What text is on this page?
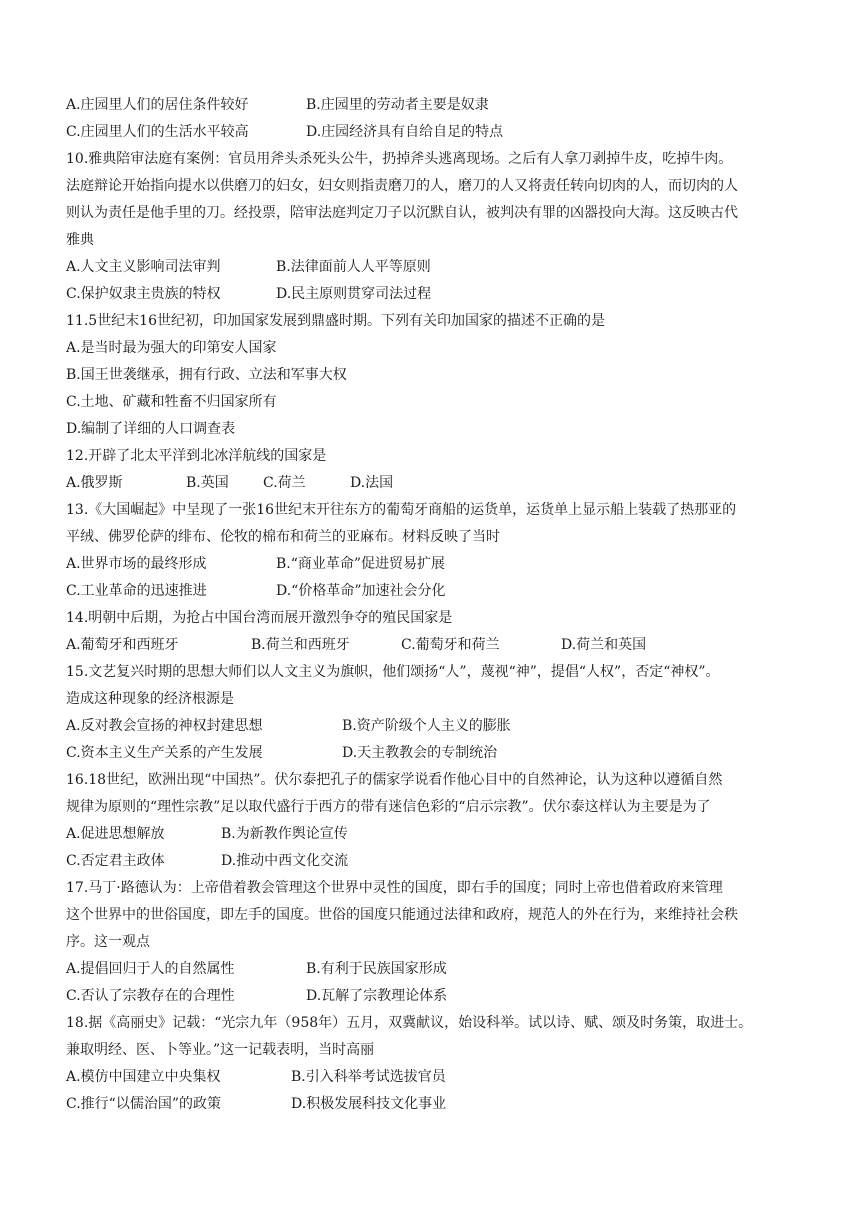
A.庄园里人们的居住条件较好	B.庄园里的劳动者主要是奴隶
C.庄园里人们的生活水平较高	D.庄园经济具有自给自足的特点
10.雅典陪审法庭有案例：官员用斧头杀死头公牛，扔掉斧头逃离现场。之后有人拿刀剥掉牛皮，吃掉牛肉。
法庭辩论开始指向提水以供磨刀的妇女，妇女则指责磨刀的人，磨刀的人又将责任转向切肉的人，而切肉的人
则认为责任是他手里的刀。经投票，陪审法庭判定刀子以沉默自认，被判决有罪的凶器投向大海。这反映古代
雅典
A.人文主义影响司法审判	B.法律面前人人平等原则
C.保护奴隶主贵族的特权	D.民主原则贯穿司法过程
11.5世纪末16世纪初，印加国家发展到鼎盛时期。下列有关印加国家的描述不正确的是
A.是当时最为强大的印第安人国家
B.国王世袭继承，拥有行政、立法和军事大权
C.土地、矿藏和牲畜不归国家所有
D.编制了详细的人口调查表
12.开辟了北太平洋到北冰洋航线的国家是
A.俄罗斯	B.英国	C.荷兰	D.法国
13.《大国崛起》中呈现了一张16世纪末开往东方的葡萄牙商船的运货单，运货单上显示船上装载了热那亚的
平绒、佛罗伦萨的绯布、伦牧的棉布和荷兰的亚麻布。材料反映了当时
A.世界市场的最终形成	B.“商业革命”促进贸易扩展
C.工业革命的迅速推进	D.“价格革命”加速社会分化
14.明朝中后期，为抢占中国台湾而展开激烈争夺的殖民国家是
A.葡萄牙和西班牙	B.荷兰和西班牙	C.葡萄牙和荷兰	D.荷兰和英国
15.文艺复兴时期的思想大师们以人文主义为旗帜，他们颂扬“人”，蔑视“神”，提倡“人权”，否定“神权”。
造成这种现象的经济根源是
A.反对教会宣扬的神权封建思想	B.资产阶级个人主义的膨胀
C.资本主义生产关系的产生发展	D.天主教教会的专制统治
16.18世纪，欧洲出现“中国热”。伏尔泰把孔子的儒家学说看作他心目中的自然神论，认为这种以遵循自然
规律为原则的“理性宗教”足以取代盛行于西方的带有迷信色彩的“启示宗教”。伏尔泰这样认为主要是为了
A.促进思想解放	B.为新教作舆论宣传
C.否定君主政体	D.推动中西文化交流
17.马丁·路德认为：上帝借着教会管理这个世界中灵性的国度，即右手的国度；同时上帝也借着政府来管理
这个世界中的世俗国度，即左手的国度。世俗的国度只能通过法律和政府，规范人的外在行为，来维持社会秩
序。这一观点
A.提倡回归于人的自然属性	B.有利于民族国家形成
C.否认了宗教存在的合理性	D.瓦解了宗教理论体系
18.据《高丽史》记载：“光宗九年（958年）五月，双冀献议，始设科举。试以诗、赋、颂及时务策，取进士。
兼取明经、医、卜等业。”这一记载表明，当时高丽
A.模仿中国建立中央集权	B.引入科举考试选拔官员
C.推行“以儒治国”的政策	D.积极发展科技文化事业
